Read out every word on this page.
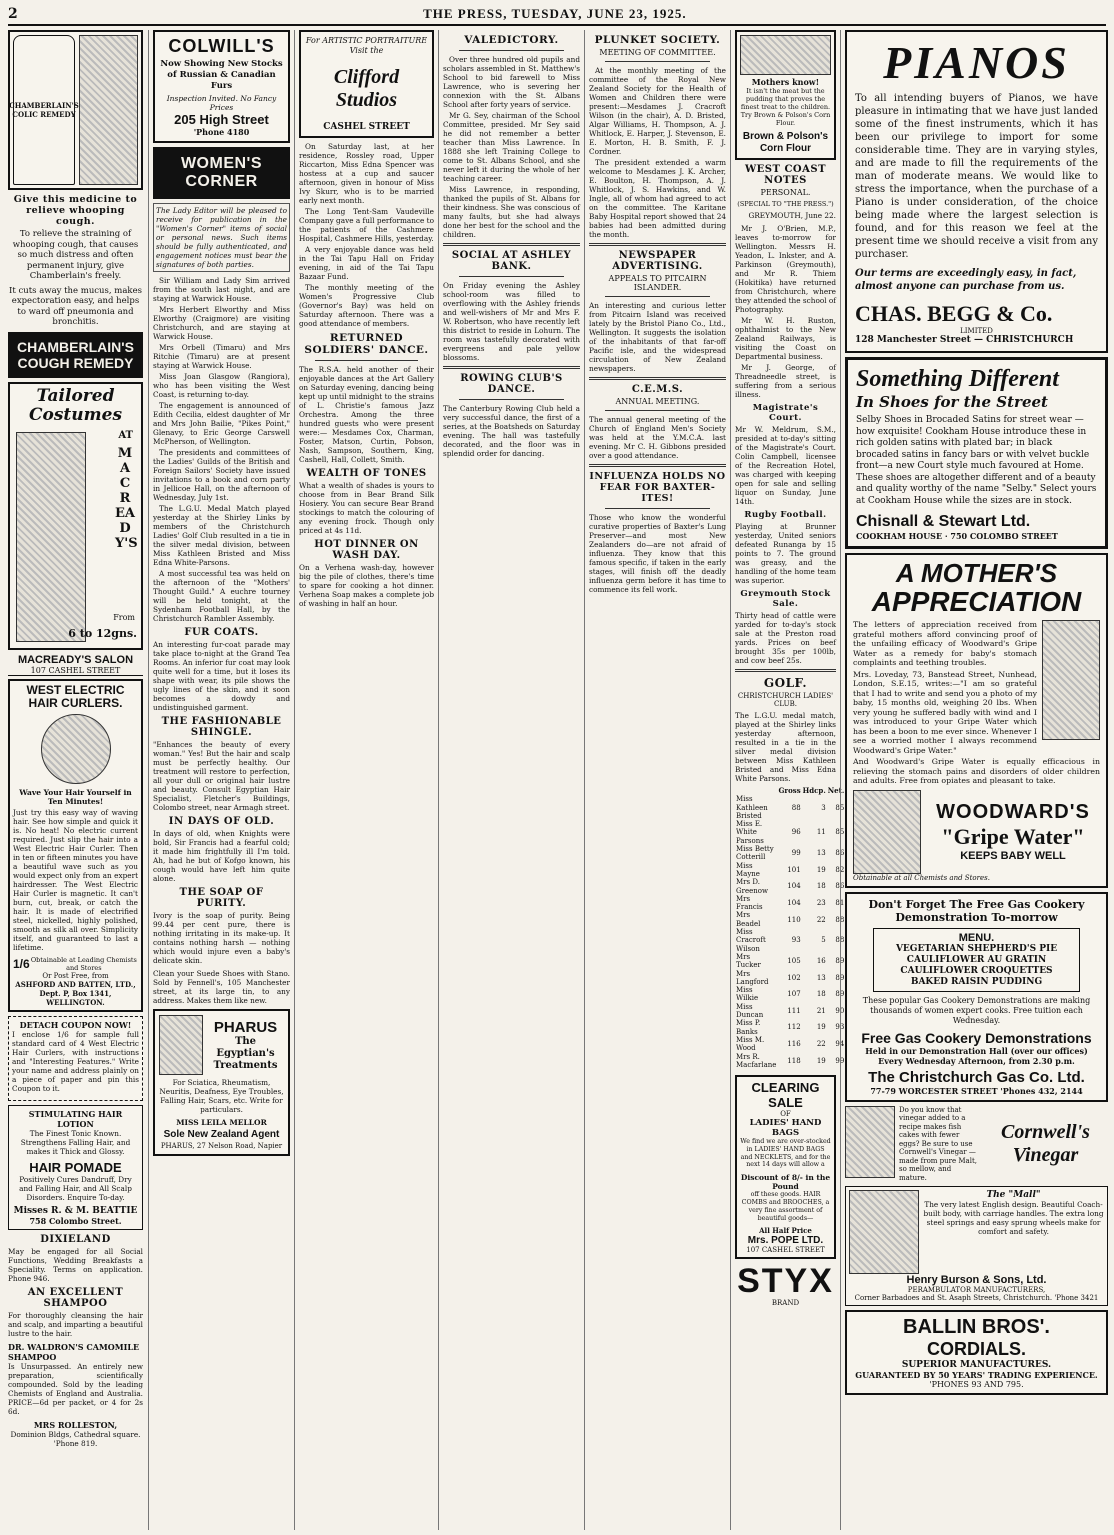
2	THE PRESS, TUESDAY, JUNE 23, 1925.
CHAMBERLAIN'S COLIC REMEDY
Give this medicine to relieve whooping cough.
To relieve the straining of whooping cough, that causes so much distress and often permanent injury, give Chamberlain's freely.
It cuts away the mucus, makes expectoration easy, and helps to ward off pneumonia and bronchitis.
CHAMBERLAIN'S COUGH REMEDY
Tailored Costumes
AT
MACREADY'S
From
6 to 12gns.
MACREADY'S SALON
107 CASHEL STREET
WEST ELECTRIC HAIR CURLERS.
Wave Your Hair Yourself in Ten Minutes!
Just try this easy way of waving hair. See how simple and quick it is. No heat! No electric current required. Just slip the hair into a West Electric Hair Curler. Then in ten or fifteen minutes you have a beautiful wave such as you would expect only from an expert hairdresser. The West Electric Hair Curler is magnetic. It can't burn, cut, break, or catch the hair. It is made of electrified steel, nickelled, highly polished, smooth as silk all over. Simplicity itself, and guaranteed to last a lifetime.
1/6 Obtainable at Leading Chemists and Stores
Or Post Free, from
ASHFORD AND BATTEN, LTD., Dept. P, Box 1341, WELLINGTON.
DETACH COUPON NOW!
I enclose 1/6 for sample full standard card of 4 West Electric Hair Curlers, with instructions and "Interesting Features." Write your name and address plainly on a piece of paper and pin this Coupon to it.
STIMULATING HAIR LOTION
The Finest Tonic Known. Strengthens Falling Hair, and makes it Thick and Glossy.
HAIR POMADE
Positively Cures Dandruff, Dry and Falling Hair, and All Scalp Disorders. Enquire To-day.
Misses R. & M. BEATTIE
758 Colombo Street.
DIXIELAND
May be engaged for all Social Functions, Wedding Breakfasts a Speciality. Terms on application. Phone 946.
AN EXCELLENT SHAMPOO
For thoroughly cleansing the hair and scalp, and imparting a beautiful lustre to the hair.
DR. WALDRON'S CAMOMILE SHAMPOO
Is Unsurpassed. An entirely new preparation, scientifically compounded. Sold by the leading Chemists of England and Australia. PRICE—6d per packet, or 4 for 2s 6d.
MRS ROLLESTON,
Dominion Bldgs, Cathedral square. 'Phone 819.
COLWILL'S
Now Showing New Stocks of Russian & Canadian Furs
Inspection Invited. No Fancy Prices
205 High Street
'Phone 4180
WOMEN'S CORNER
The Lady Editor will be pleased to receive for publication in the "Women's Corner" items of social or personal news. Such items should be fully authenticated, and engagement notices must bear the signatures of both parties.

Sir William and Lady Sim arrived from the south last night, and are staying at Warwick House.

Mrs Herbert Elworthy and Miss Elworthy (Craigmore) are visiting Christchurch, and are staying at Warwick House.

Mrs Orbell (Timaru) and Mrs Ritchie (Timaru) are at present staying at Warwick House.

Miss Joan Glasgow (Rangiora), who has been visiting the West Coast, is returning to-day.

The engagement is announced of Edith Cecilia, eldest daughter of Mr and Mrs John Bailie, "Pikes Point," Glenavy, to Eric George Carswell McPherson, of Wellington.

The presidents and committees of the Ladies' Guilds of the British and Foreign Sailors' Society have issued invitations to a book and corn party in Jellicoe Hall, on the afternoon of Wednesday, July 1st.

The L.G.U. Medal Match played yesterday at the Shirley Links by members of the Christchurch Ladies' Golf Club resulted in a tie in the silver medal division, between Miss Kathleen Bristed and Miss Edna White-Parsons.

A most successful tea was held on the afternoon of the "Mothers' Thought Guild." A euchre tourney will be held tonight, at the Sydenham Football Hall, by the Christchurch Rambler Assembly.

FUR COATS.
An interesting fur-coat parade may take place to-night at the Grand Tea Rooms. An inferior fur coat may look quite well for a time, but it loses its shape with wear, its pile shows the ugly lines of the skin, and it soon becomes a dowdy and undistinguished garment.
THE FASHIONABLE SHINGLE.
"Enhances the beauty of every woman." Yes! But the hair and scalp must be perfectly healthy. Our treatment will restore to perfection, all your dull or original hair lustre and beauty. Consult Egyptian Hair Specialist, Fletcher's Buildings, Colombo street, near Armagh street.
IN DAYS OF OLD.
In days of old, when Knights were bold, Sir Francis had a fearful cold; it made him frightfully ill I'm told. Ah, had he but of Kofgo known, his cough would have left him quite alone.
THE SOAP OF PURITY.
Ivory is the soap of purity. Being 99.44 per cent pure, there is nothing irritating in its make-up. It contains nothing harsh — nothing which would injure even a baby's delicate skin.
Clean your Suede Shoes with Stano. Sold by Fennell's, 105 Manchester street, at its large tin, to any address. Makes them like new.
PHARUS
The Egyptian's Treatments
For Sciatica, Rheumatism, Neuritis, Deafness, Eye Troubles, Falling Hair, Scars, etc. Write for particulars.
MISS LEILA MELLOR
Sole New Zealand Agent
PHARUS, 27 Nelson Road, Napier
For ARTISTIC PORTRAITURE Visit the
Clifford Studios
CASHEL STREET

On Saturday last, at her residence, Rossley road, Upper Riccarton, Miss Edna Spencer was hostess at a cup and saucer afternoon, given in honour of Miss Ivy Skurr, who is to be married early next month.

The Long Tent-Sam Vaudeville Company gave a full performance to the patients of the Cashmere Hospital, Cashmere Hills, yesterday.

A very enjoyable dance was held in the Tai Tapu Hall on Friday evening, in aid of the Tai Tapu Bazaar Fund.

The monthly meeting of the Women's Progressive Club (Governor's Bay) was held on Saturday afternoon. There was a good attendance of members.

RETURNED SOLDIERS' DANCE.
The R.S.A. held another of their enjoyable dances at the Art Gallery on Saturday evening, dancing being kept up until midnight to the strains of L. Christie's famous Jazz Orchestra. Among the three hundred guests who were present were:— Mesdames Cox, Charman, Foster, Matson, Curtin, Pobson, Nash, Sampson, Southern, King, Cashell, Hall, Collett, Smith.
WEALTH OF TONES
What a wealth of shades is yours to choose from in Bear Brand Silk Hosiery. You can secure Bear Brand stockings to match the colouring of any evening frock. Though only priced at 4s 11d.
HOT DINNER ON WASH DAY.
On a Verhena wash-day, however big the pile of clothes, there's time to spare for cooking a hot dinner. Verhena Soap makes a complete job of washing in half an hour.
VALEDICTORY.

Over three hundred old pupils and scholars assembled in St. Matthew's School to bid farewell to Miss Lawrence, who is severing her connexion with the St. Albans School after forty years of service.

Mr G. Sey, chairman of the School Committee, presided. Mr Sey said he did not remember a better teacher than Miss Lawrence. In 1888 she left Training College to come to St. Albans School, and she never left it during the whole of her teaching career.

Miss Lawrence, in responding, thanked the pupils of St. Albans for their kindness. She was conscious of many faults, but she had always done her best for the school and the children.

SOCIAL AT ASHLEY BANK.
On Friday evening the Ashley school-room was filled to overflowing with the Ashley friends and well-wishers of Mr and Mrs F. W. Robertson, who have recently left this district to reside in Lohurn. The room was tastefully decorated with evergreens and pale yellow blossoms.
ROWING CLUB'S DANCE.
The Canterbury Rowing Club held a very successful dance, the first of a series, at the Boatsheds on Saturday evening. The hall was tastefully decorated, and the floor was in splendid order for dancing.
PLUNKET SOCIETY.
MEETING OF COMMITTEE.

At the monthly meeting of the committee of the Royal New Zealand Society for the Health of Women and Children there were present:—Mesdames J. Cracroft Wilson (in the chair), A. D. Bristed, Algar Williams, H. Thompson, A. J. Whitlock, E. Harper, J. Stevenson, E. E. Morton, H. B. Smith, F. J. Cordner.

The president extended a warm welcome to Mesdames J. K. Archer, E. Boulton, H. Thompson, A. J. Whitlock, J. S. Hawkins, and W. Ingle, all of whom had agreed to act on the committee. The Karitane Baby Hospital report showed that 24 babies had been admitted during the month.

NEWSPAPER ADVERTISING.
APPEALS TO PITCAIRN ISLANDER.
An interesting and curious letter from Pitcairn Island was received lately by the Bristol Piano Co., Ltd., Wellington. It suggests the isolation of the inhabitants of that far-off Pacific isle, and the widespread circulation of New Zealand newspapers.
C.E.M.S.
ANNUAL MEETING.
The annual general meeting of the Church of England Men's Society was held at the Y.M.C.A. last evening. Mr C. H. Gibbons presided over a good attendance.
INFLUENZA HOLDS NO FEAR FOR BAXTER-ITES!
Those who know the wonderful curative properties of Baxter's Lung Preserver—and most New Zealanders do—are not afraid of influenza. They know that this famous specific, if taken in the early stages, will finish off the deadly influenza germ before it has time to commence its fell work.
Mothers know!
It isn't the meat but the pudding that proves the finest treat to the children. Try Brown & Polson's Corn Flour.
Brown & Polson's Corn Flour
WEST COAST NOTES
PERSONAL.
(SPECIAL TO "THE PRESS.")
GREYMOUTH, June 22.

Mr J. O'Brien, M.P., leaves to-morrow for Wellington. Messrs H. Yeadon, L. Inkster, and A. Parkinson (Greymouth), and Mr R. Thiem (Hokitika) have returned from Christchurch, where they attended the school of Photography.

Mr W. H. Ruston, ophthalmist to the New Zealand Railways, is visiting the Coast on Departmental business.

Mr J. George, of Threadneedle street, is suffering from a serious illness.

Magistrate's Court.
Mr W. Meldrum, S.M., presided at to-day's sitting of the Magistrate's Court. Colin Campbell, licensee of the Recreation Hotel, was charged with keeping open for sale and selling liquor on Sunday, June 14th.
Rugby Football.
Playing at Brunner yesterday, United seniors defeated Runanga by 15 points to 7. The ground was greasy, and the handling of the home team was superior.
Greymouth Stock Sale.
Thirty head of cattle were yarded for to-day's stock sale at the Preston road yards. Prices on beef brought 35s per 100lb, and cow beef 25s.
GOLF.
CHRISTCHURCH LADIES' CLUB.
The L.G.U. medal match, played at the Shirley links yesterday afternoon, resulted in a tie in the silver medal division between Miss Kathleen Bristed and Miss Edna White Parsons.
	Gross	Hdcp.	Net.
Miss Kathleen Bristed	88	3	85
Miss E. White Parsons	96	11	85
Miss Betty Cotterill	99	13	86
Miss Mayne	101	19	82
Mrs D. Greenow	104	18	86
Mrs Francis	104	23	81
Mrs Beadel	110	22	88
Miss Cracroft Wilson	93	5	88
Mrs Tucker	105	16	89
Mrs Langford	102	13	89
Miss Wilkie	107	18	89
Miss Duncan	111	21	90
Miss P. Banks	112	19	93
Miss M. Wood	116	22	94
Mrs R. Macfarlane	118	19	99
CLEARING SALE
OF
LADIES' HAND BAGS
We find we are over-stocked in LADIES' HAND BAGS and NECKLETS, and for the next 14 days will allow a
Discount of 8/- in the Pound
off these goods. HAIR COMBS and BROOCHES, a very fine assortment of beautiful goods—
All Half Price
Mrs. POPE LTD.
107 CASHEL STREET
STYX
BRAND
PIANOS
To all intending buyers of Pianos, we have pleasure in intimating that we have just landed some of the finest instruments, which it has been our privilege to import for some considerable time. They are in varying styles, and are made to fill the requirements of the man of moderate means. We would like to stress the importance, when the purchase of a Piano is under consideration, of the choice being made where the largest selection is found, and for this reason we feel at the present time we should receive a visit from any purchaser.
Our terms are exceedingly easy, in fact, almost anyone can purchase from us.
CHAS. BEGG & Co.
LIMITED
128 Manchester Street — CHRISTCHURCH
Something Different
In Shoes for the Street
Selby Shoes in Brocaded Satins for street wear —how exquisite! Cookham House introduce these in rich golden satins with plated bar; in black brocaded satins in fancy bars or with velvet buckle front—a new Court style much favoured at Home. These shoes are altogether different and of a beauty and quality worthy of the name "Selby." Select yours at Cookham House while the sizes are in stock.
Chisnall & Stewart Ltd.
COOKHAM HOUSE · 750 COLOMBO STREET
A MOTHER'S
APPRECIATION
The letters of appreciation received from grateful mothers afford convincing proof of the unfailing efficacy of Woodward's Gripe Water as a remedy for baby's stomach complaints and teething troubles.
Mrs. Loveday, 73, Banstead Street, Nunhead, London, S.E.15, writes:—"I am so grateful that I had to write and send you a photo of my baby, 15 months old, weighing 20 lbs. When very young he suffered badly with wind and I was introduced to your Gripe Water which has been a boon to me ever since. Whenever I see a worried mother I always recommend Woodward's Gripe Water."
And Woodward's Gripe Water is equally efficacious in relieving the stomach pains and disorders of older children and adults. Free from opiates and pleasant to take.
WOODWARD'S
"Gripe Water"
KEEPS BABY WELL
Obtainable at all Chemists and Stores.
Don't Forget The Free Gas Cookery Demonstration To-morrow
MENU.
VEGETARIAN SHEPHERD'S PIE
CAULIFLOWER AU GRATIN
CAULIFLOWER CROQUETTES
BAKED RAISIN PUDDING
These popular Gas Cookery Demonstrations are making thousands of women expert cooks. Free tuition each Wednesday.
Free Gas Cookery Demonstrations
Held in our Demonstration Hall (over our offices) Every Wednesday Afternoon, from 2.30 p.m.
The Christchurch Gas Co. Ltd.
77-79 WORCESTER STREET 'Phones 432, 2144
Do you know that vinegar added to a recipe makes fish cakes with fewer eggs? Be sure to use Cornwell's Vinegar — made from pure Malt, so mellow, and mature.
Cornwell's Vinegar
The "Mall"
The very latest English design. Beautiful Coach-built body, with carriage handles. The extra long steel springs and easy sprung wheels make for comfort and safety.
Henry Burson & Sons, Ltd.
PERAMBULATOR MANUFACTURERS,
Corner Barbadoes and St. Asaph Streets, Christchurch. 'Phone 3421
BALLIN BROS'.
CORDIALS.
SUPERIOR MANUFACTURES.
GUARANTEED BY 50 YEARS' TRADING EXPERIENCE.
'PHONES 93 AND 795.
